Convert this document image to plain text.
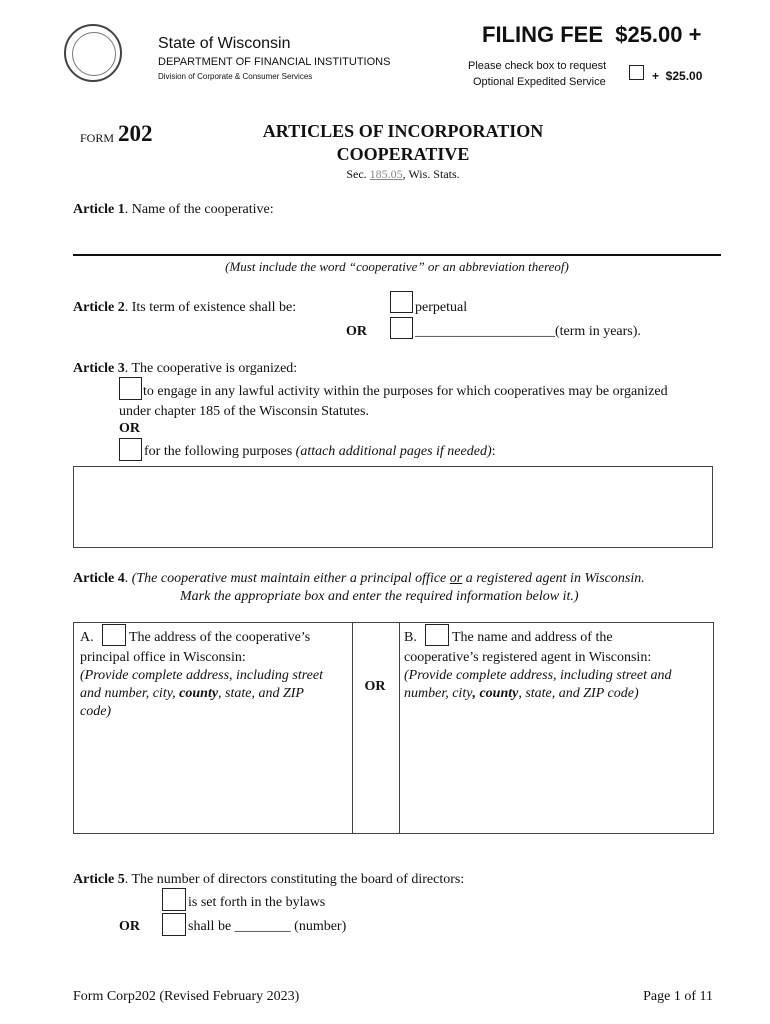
State of Wisconsin
DEPARTMENT OF FINANCIAL INSTITUTIONS
Division of Corporate & Consumer Services
FILING FEE  $25.00 +
Please check box to request
Optional Expedited Service	+  $25.00
FORM 202	ARTICLES OF INCORPORATION
COOPERATIVE
Sec. 185.05, Wis. Stats.
Article 1. Name of the cooperative:
(Must include the word “cooperative” or an abbreviation thereof)
Article 2. Its term of existence shall be:	perpetual
OR	____________________(term in years).
Article 3. The cooperative is organized:
to engage in any lawful activity within the purposes for which cooperatives may be organized
under chapter 185 of the Wisconsin Statutes.
OR
for the following purposes (attach additional pages if needed):
Article 4. (The cooperative must maintain either a principal office or a registered agent in Wisconsin.
Mark the appropriate box and enter the required information below it.)
OR
A.	The address of the cooperative’s
principal office in Wisconsin:
(Provide complete address, including street
and number, city, county, state, and ZIP
code)
B.	The name and address of the
cooperative’s registered agent in Wisconsin:
(Provide complete address, including street and
number, city, county, state, and ZIP code)
Article 5. The number of directors constituting the board of directors:
is set forth in the bylaws
OR	shall be ________ (number)
Form Corp202 (Revised February 2023)	Page 1 of 11
